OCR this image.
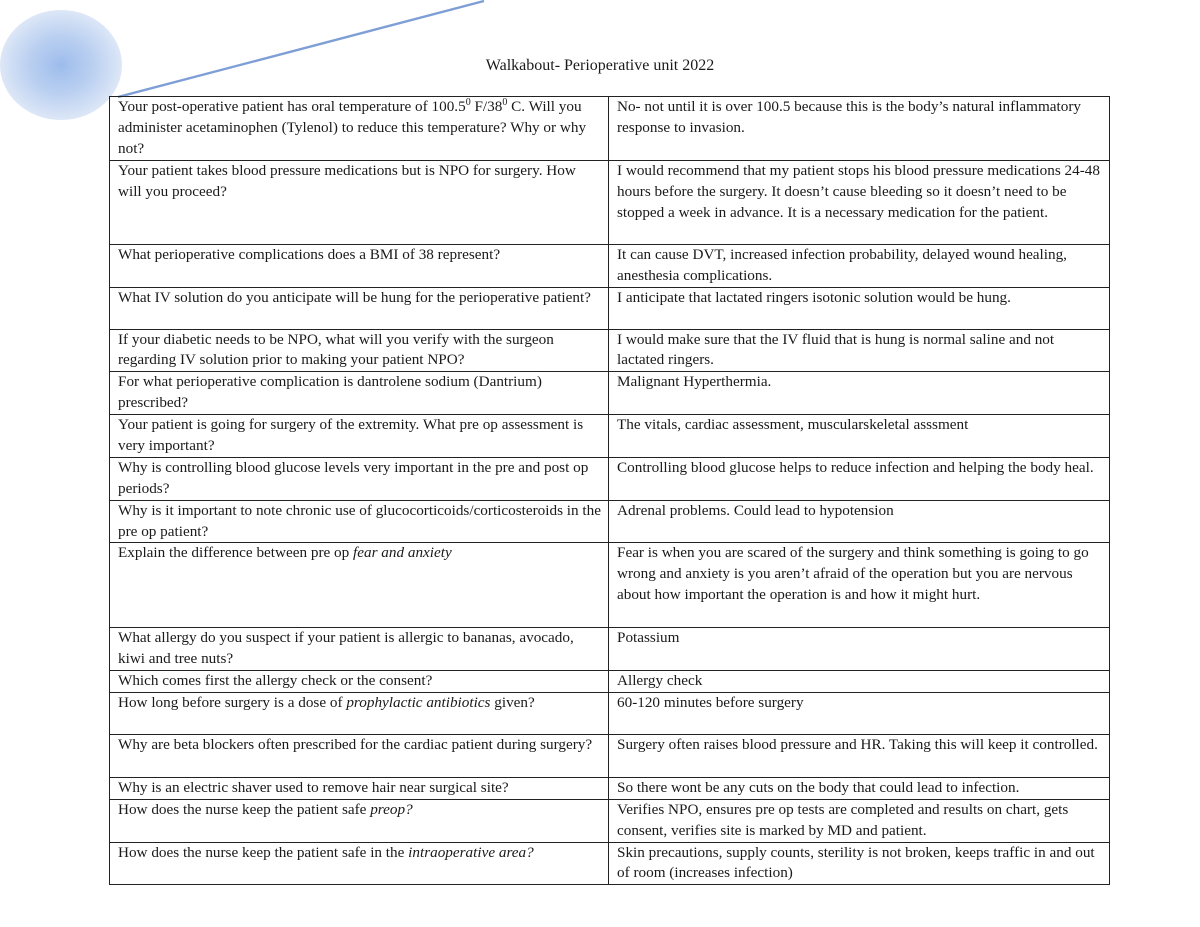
Walkabout- Perioperative unit 2022
Your post-operative patient has oral temperature of 100.5$^0$ $F/38^0$ C. Will you administer acetaminophen (Tylenol) to reduce this temperature? Why or why not?	No- not until it is over 100.5 because this is the body’s natural inflammatory response to invasion.
Your patient takes blood pressure medications but is NPO for surgery. How will you proceed?	I would recommend that my patient stops his blood pressure medications 24-48 hours before the surgery. It doesn’t cause bleeding so it doesn’t need to be stopped a week in advance. It is a necessary medication for the patient.
What perioperative complications does a BMI of 38 represent?	It can cause DVT, increased infection probability, delayed wound healing, anesthesia complications.
What IV solution do you anticipate will be hung for the perioperative patient?	I anticipate that lactated ringers isotonic solution would be hung.
If your diabetic needs to be NPO, what will you verify with the surgeon regarding IV solution prior to making your patient NPO?	I would make sure that the IV fluid that is hung is normal saline and not lactated ringers.
For what perioperative complication is dantrolene sodium (Dantrium) prescribed?	Malignant Hyperthermia.
Your patient is going for surgery of the extremity. What pre op assessment is very important?	The vitals, cardiac assessment, muscularskeletal asssment
Why is controlling blood glucose levels very important in the pre and post op periods?	Controlling blood glucose helps to reduce infection and helping the body heal.
Why is it important to note chronic use of glucocorticoids/corticosteroids in the pre op patient?	Adrenal problems. Could lead to hypotension
Explain the difference between pre op fear and anxiety	Fear is when you are scared of the surgery and think something is going to go wrong and anxiety is you aren’t afraid of the operation but you are nervous about how important the operation is and how it might hurt.
What allergy do you suspect if your patient is allergic to bananas, avocado, kiwi and tree nuts?	Potassium
Which comes first the allergy check or the consent?	Allergy check
How long before surgery is a dose of prophylactic antibiotics given?	60-120 minutes before surgery
Why are beta blockers often prescribed for the cardiac patient during surgery?	Surgery often raises blood pressure and HR. Taking this will keep it controlled.
Why is an electric shaver used to remove hair near surgical site?	So there wont be any cuts on the body that could lead to infection.
How does the nurse keep the patient safe preop?	Verifies NPO, ensures pre op tests are completed and results on chart, gets consent, verifies site is marked by MD and patient.
How does the nurse keep the patient safe in the intraoperative area?	Skin precautions, supply counts, sterility is not broken, keeps traffic in and out of room (increases infection)
